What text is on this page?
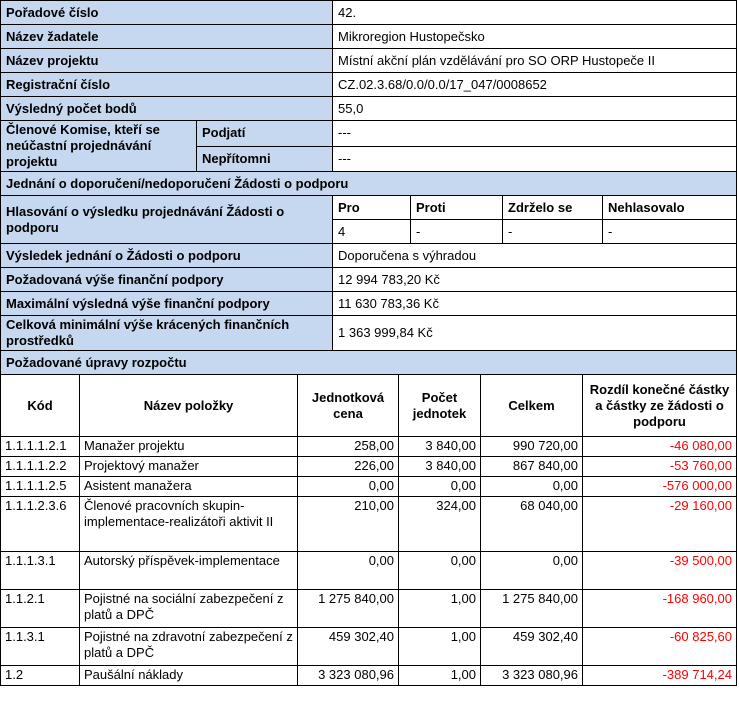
Pořadové číslo		42.			
Název žadatele		Mikroregion Hustopečsko			
Název projektu		Místní akční plán vzdělávání pro SO ORP Hustopeče II			
Registrační číslo		CZ.02.3.68/0.0/0.0/17_047/0008652			
Výsledný počet bodů		55,0			
Členové Komise, kteří se neúčastní projednávání projektu	Podjatí	---			
	Nepřítomni	---			
Jednání o doporučení/nedoporučení Žádosti o podporu					
Hlasování o výsledku projednávání Žádosti o podporu		Pro	Proti	Zdrželo se	Nehlasovalo
		4	-	-	-
Výsledek jednání o Žádosti o podporu		Doporučena s výhradou			
Požadovaná výše finanční podpory		12 994 783,20 Kč			
Maximální výsledná výše finanční podpory		11 630 783,36 Kč			
Celková minimální výše krácených finančních prostředků		1 363 999,84 Kč			
Požadované úpravy rozpočtu					
Kód	Název položky	Jednotková cena	Počet jednotek	Celkem	Rozdíl konečné částky a částky ze žádosti o podporu
1.1.1.1.2.1	Manažer projektu	258,00	3 840,00	990 720,00	-46 080,00
1.1.1.1.2.2	Projektový manažer	226,00	3 840,00	867 840,00	-53 760,00
1.1.1.1.2.5	Asistent manažera	0,00	0,00	0,00	-576 000,00
1.1.1.2.3.6	Členové pracovních skupin-implementace-realizátoři aktivit II	210,00	324,00	68 040,00	-29 160,00
1.1.1.3.1	Autorský příspěvek-implementace	0,00	0,00	0,00	-39 500,00
1.1.2.1	Pojistné na sociální zabezpečení z platů a DPČ	1 275 840,00	1,00	1 275 840,00	-168 960,00
1.1.3.1	Pojistné na zdravotní zabezpečení z platů a DPČ	459 302,40	1,00	459 302,40	-60 825,60
1.2	Paušální náklady	3 323 080,96	1,00	3 323 080,96	-389 714,24
